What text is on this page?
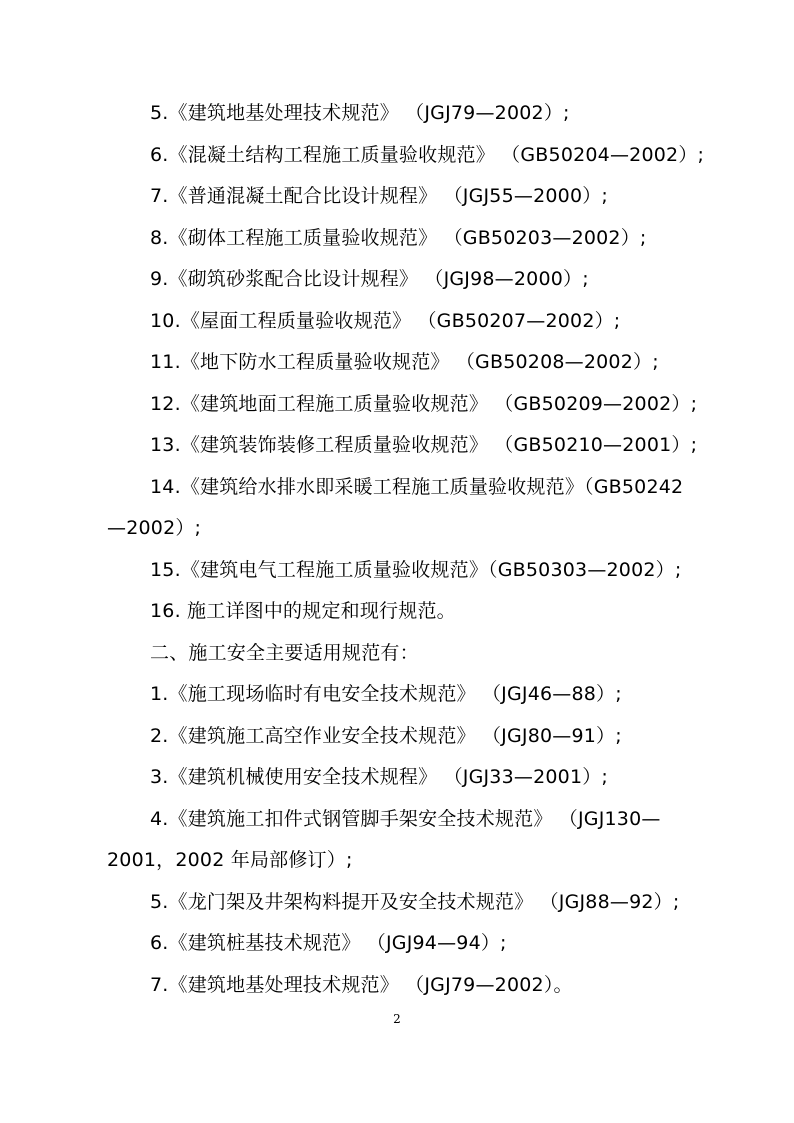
5.《建筑地基处理技术规范》 （JGJ79—2002）;
6.《混凝土结构工程施工质量验收规范》 （GB50204—2002）;
7.《普通混凝土配合比设计规程》 （JGJ55—2000）;
8.《砌体工程施工质量验收规范》 （GB50203—2002）;
9.《砌筑砂浆配合比设计规程》 （JGJ98—2000）;
10.《屋面工程质量验收规范》 （GB50207—2002）;
11.《地下防水工程质量验收规范》 （GB50208—2002）;
12.《建筑地面工程施工质量验收规范》 （GB50209—2002）;
13.《建筑装饰装修工程质量验收规范》 （GB50210—2001）;
14.《建筑给水排水即采暖工程施工质量验收规范》（GB50242
—2002）;
15.《建筑电气工程施工质量验收规范》（GB50303—2002）;
16. 施工详图中的规定和现行规范。
二、施工安全主要适用规范有：
1.《施工现场临时有电安全技术规范》 （JGJ46—88）;
2.《建筑施工高空作业安全技术规范》 （JGJ80—91）;
3.《建筑机械使用安全技术规程》 （JGJ33—2001）;
4.《建筑施工扣件式钢管脚手架安全技术规范》 （JGJ130—
2001，2002 年局部修订）;
5.《龙门架及井架构料提开及安全技术规范》 （JGJ88—92）;
6.《建筑桩基技术规范》 （JGJ94—94）;
7.《建筑地基处理技术规范》 （JGJ79—2002）。
2
